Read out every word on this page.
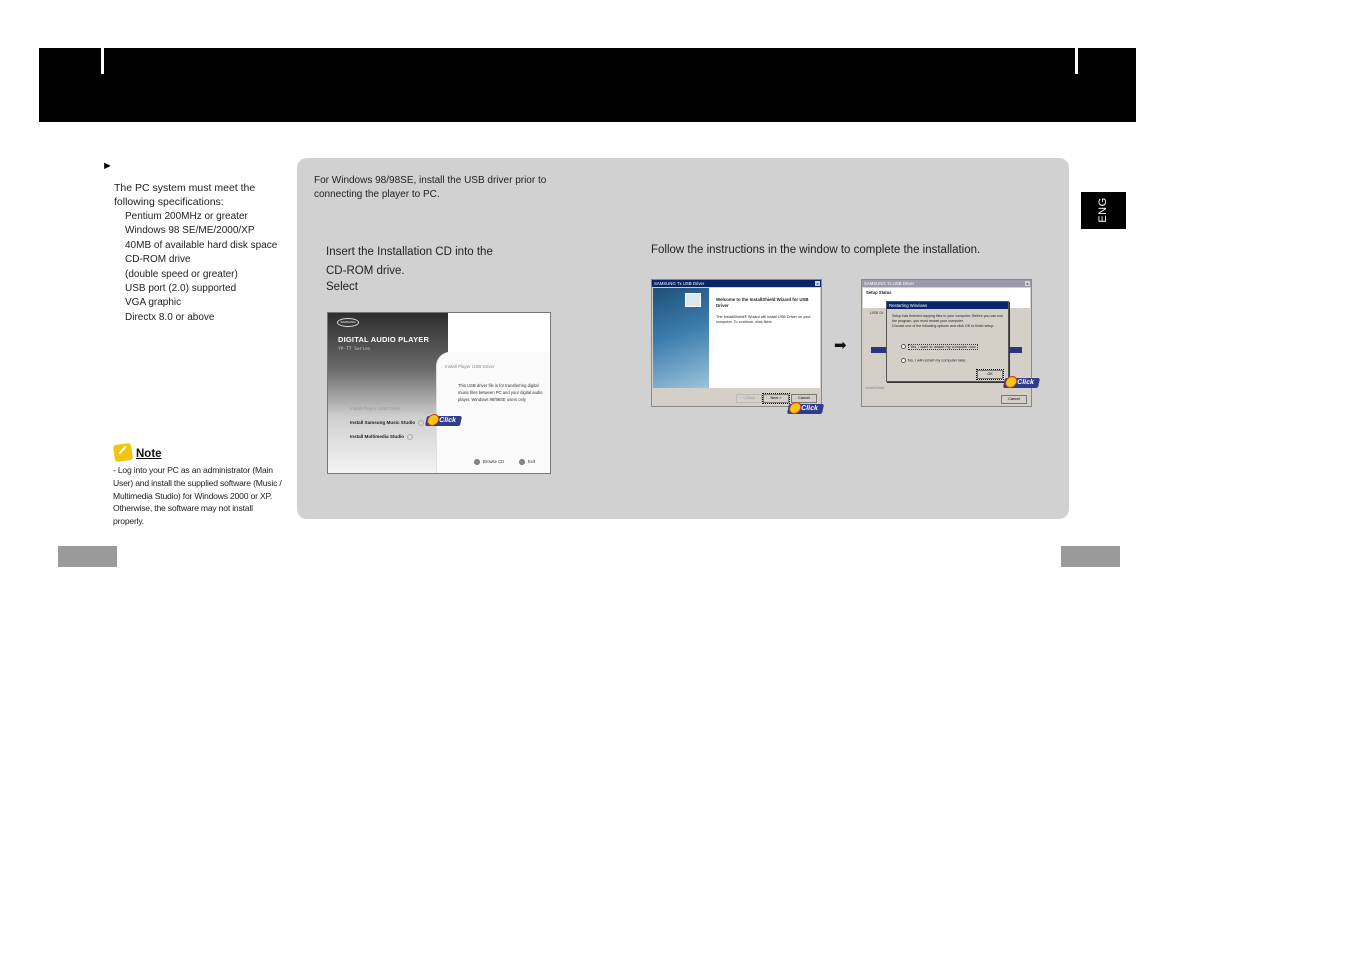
ENG
►
The PC system must meet the following specifications:
Pentium 200MHz or greater
Windows 98 SE/ME/2000/XP
40MB of available hard disk space
CD-ROM drive
(double speed or greater)
USB port (2.0) supported
VGA graphic
Directx 8.0 or above
Note
- Log into your PC as an administrator (Main User) and install the supplied software (Music / Multimedia Studio) for Windows 2000 or XP. Otherwise, the software may not install properly.
For Windows 98/98SE, install the USB driver prior to connecting the player to PC.
Insert the Installation CD into the

CD-ROM drive.
Select
Follow the instructions in the window to complete the installation.
SAMSUNG
DIGITAL AUDIO PLAYER
YP-T7 Series
Install Player USB Driver
This USB driver file is for transferring digital music files between PC and your digital audio player. Windows 98/98SE users only
Install Player USB Driver
Install Samsung Music Studio
Install Multimedia Studio
Browse CD	Exit
Click
SAMSUNG Tx USB Driver	x
Welcome to the InstallShield Wizard for USB Driver
The InstallShield® Wizard will install USB Driver on your computer. To continue, click Next.
< Back	Next >	Cancel
Click
➡
SAMSUNG Tx USB Driver	x
Setup Status
USB Dr
InstallShield
Cancel
Restarting Windows
Setup has finished copying files to your computer. Before you can use the program, you must restart your computer.
Choose one of the following options and click OK to finish setup.
Yes, I want to restart my computer now.
No, I will restart my computer later.
OK
Click
